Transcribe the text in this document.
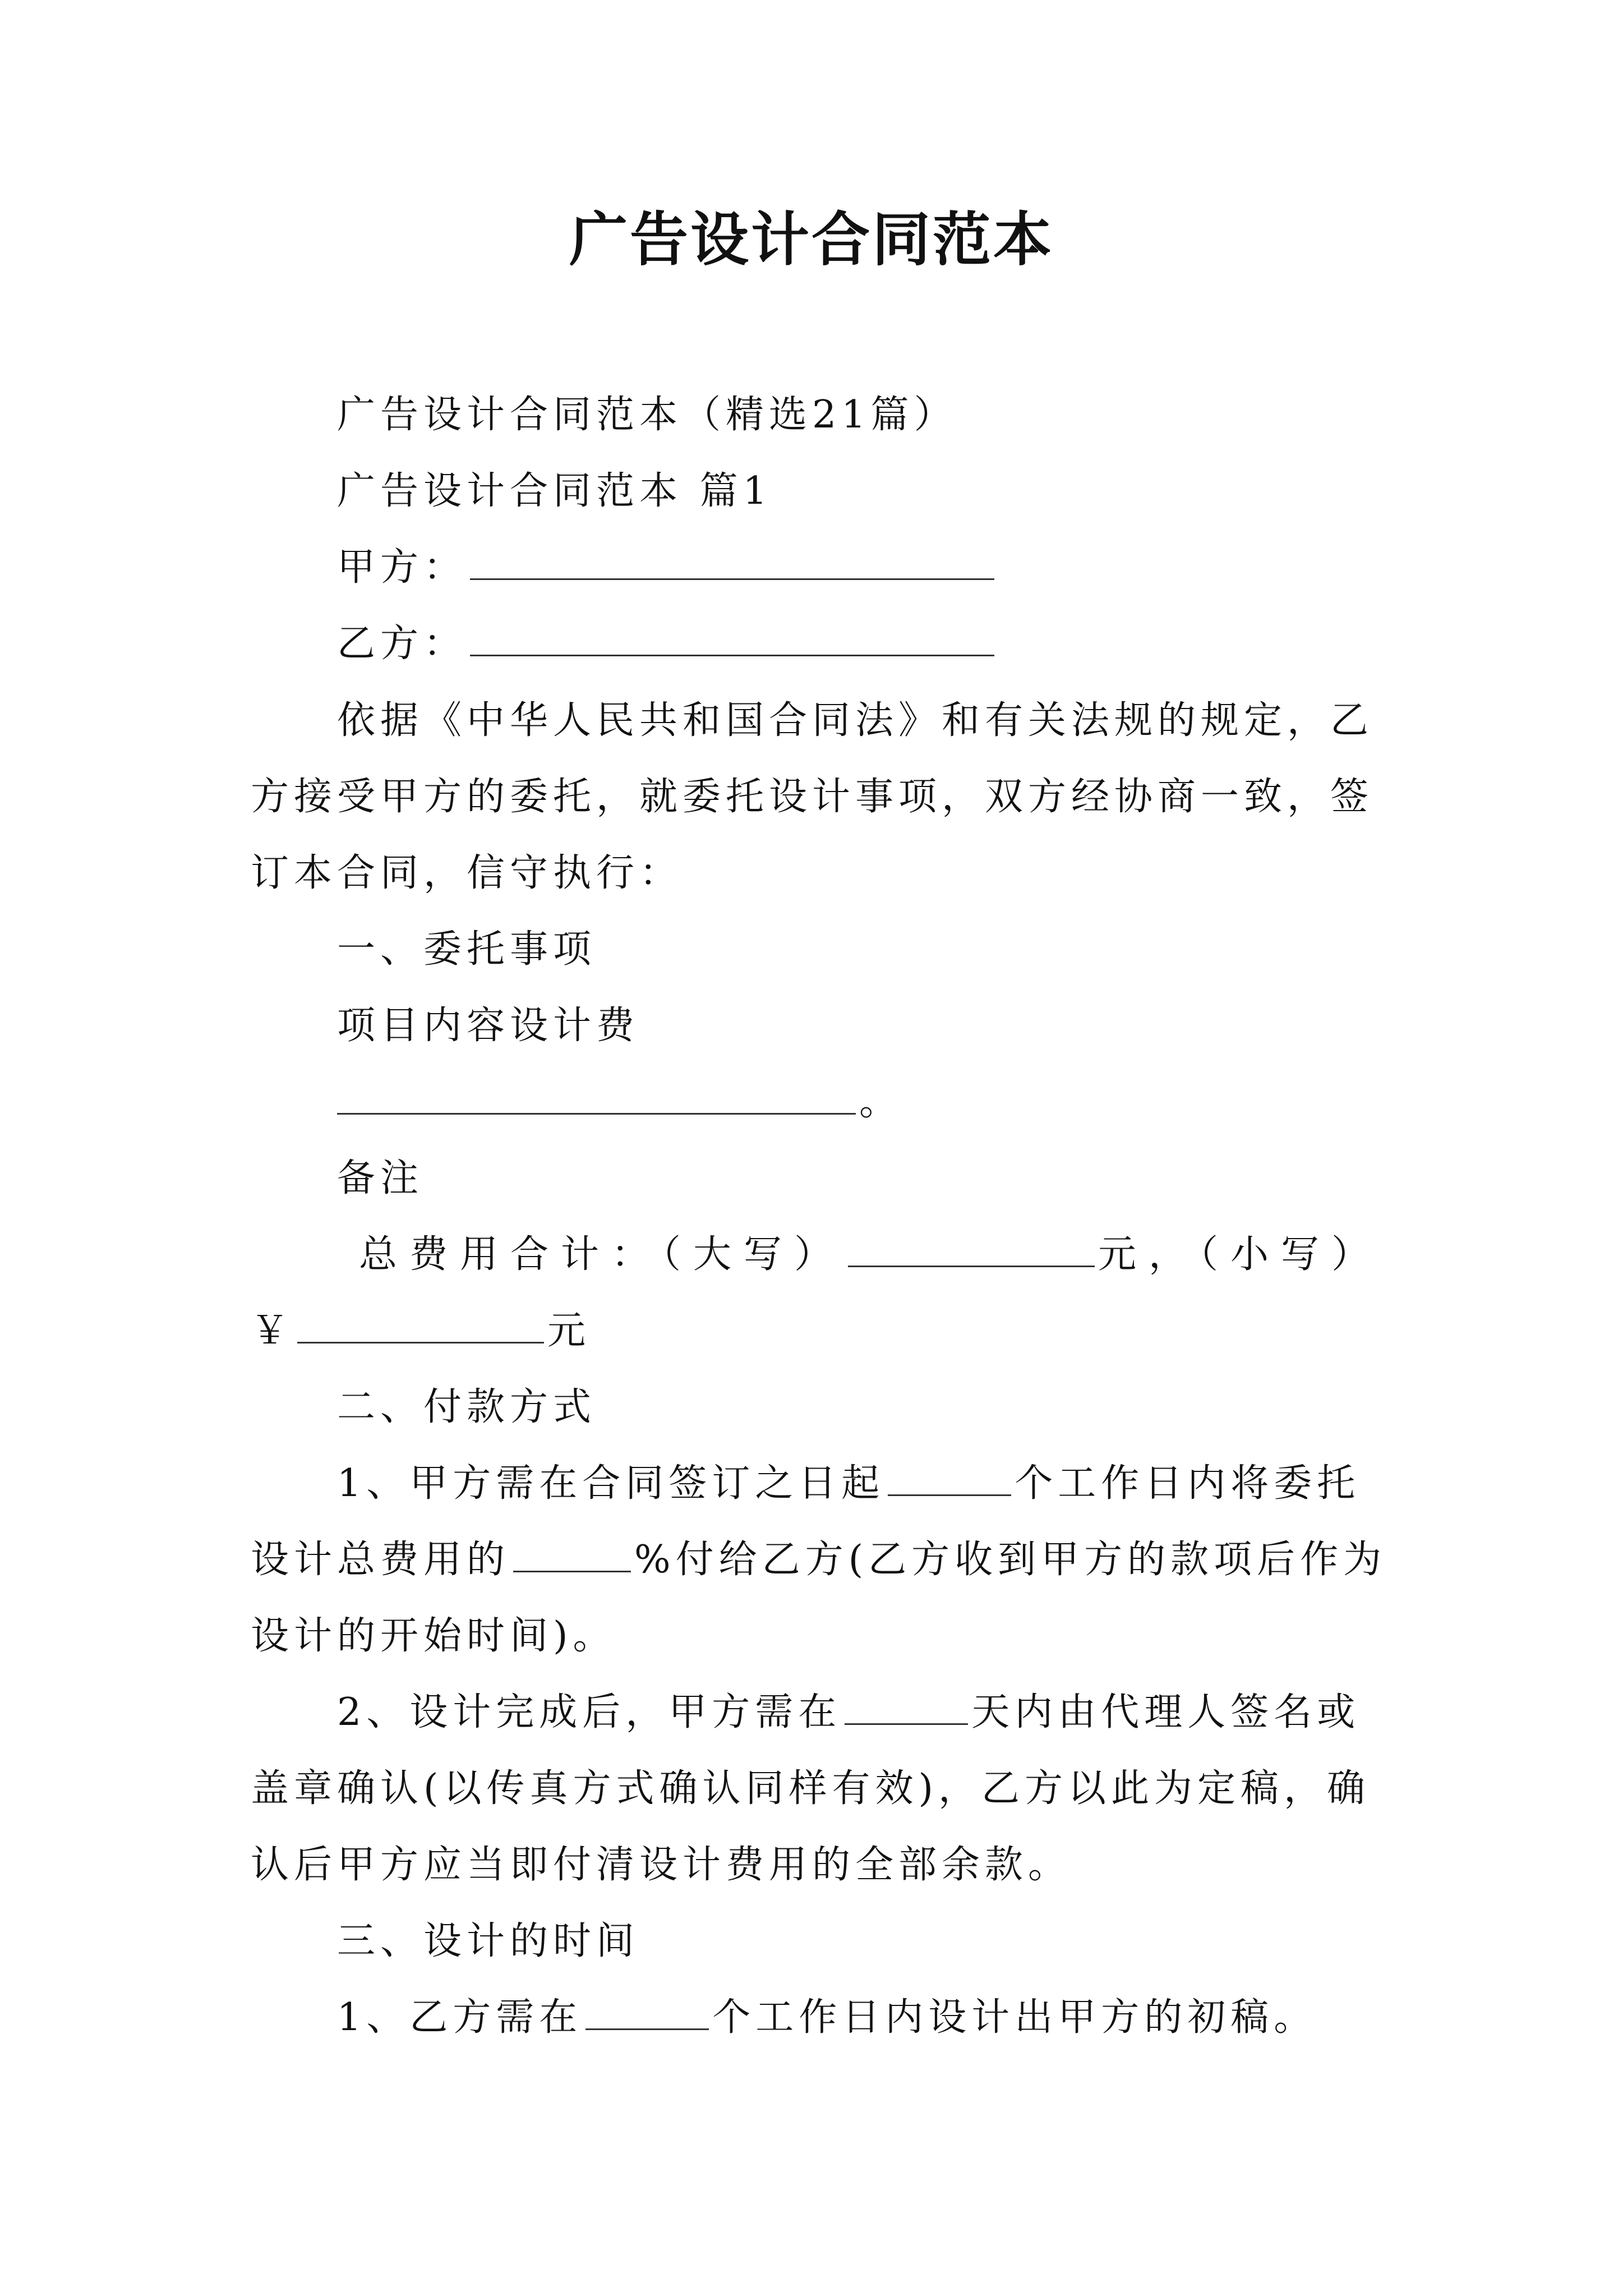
广告设计合同范本
广告设计合同范本（精选21篇）
广告设计合同范本 篇1
甲方：
乙方：
依据《中华人民共和国合同法》和有关法规的规定，乙
方接受甲方的委托，就委托设计事项，双方经协商一致，签
订本合同，信守执行：
一、委托事项
项目内容设计费
。
备注
总费用合计：（大写）	元，（小写）
￥	元
二、付款方式
1、甲方需在合同签订之日起	个工作日内将委托
设计总费用的	%付给乙方(乙方收到甲方的款项后作为
设计的开始时间)。
2、设计完成后，甲方需在	天内由代理人签名或
盖章确认(以传真方式确认同样有效)，乙方以此为定稿，确
认后甲方应当即付清设计费用的全部余款。
三、设计的时间
1、乙方需在	个工作日内设计出甲方的初稿。
